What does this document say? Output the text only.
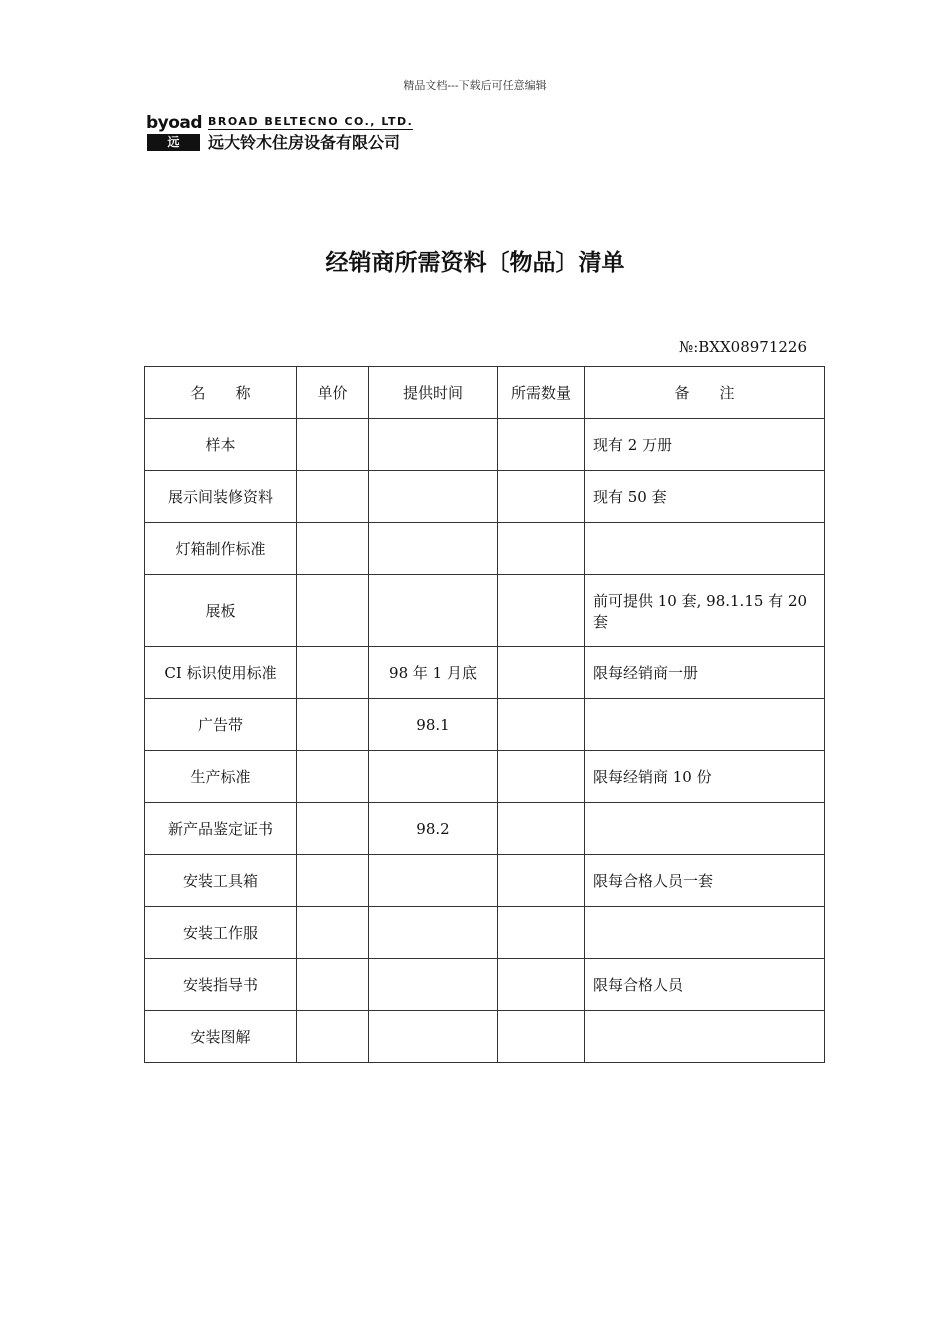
精品文档---下载后可任意编辑
byoad BROAD BELTECNO CO., LTD.
远铃
远大铃木住房设备有限公司
经销商所需资料〔物品〕清单
№:BXX08971226
名　　称	单价	提供时间	所需数量	备　　注
样本				现有 2 万册
展示间装修资料				现有 50 套
灯箱制作标准				
展板				前可提供 10 套, 98.1.15 有 20 套
CI 标识使用标准		98 年 1 月底		限每经销商一册
广告带		98.1		
生产标准				限每经销商 10 份
新产品鉴定证书		98.2		
安装工具箱				限每合格人员一套
安装工作服				
安装指导书				限每合格人员
安装图解				
